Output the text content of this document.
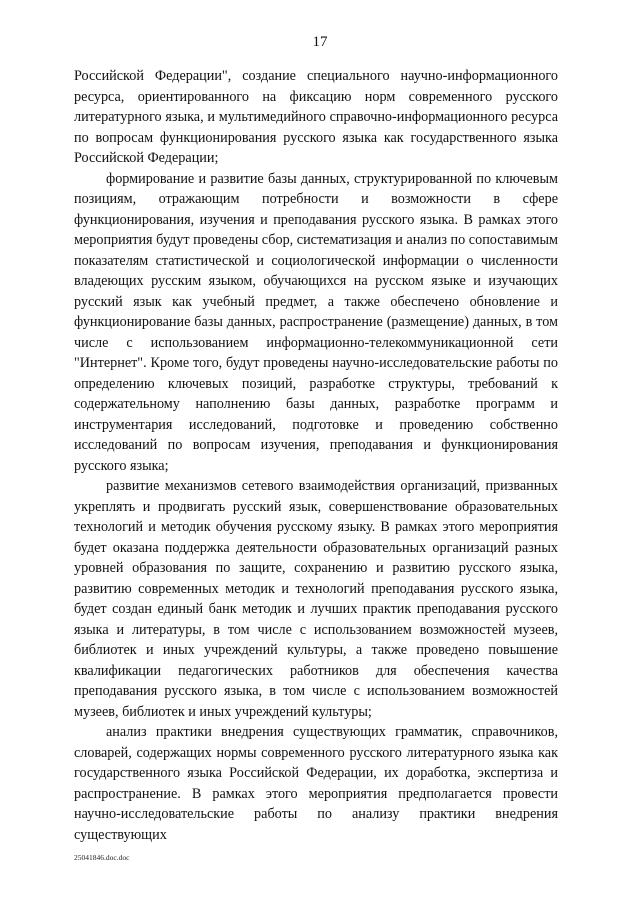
17

Российской Федерации", создание специального научно-информационного ресурса, ориентированного на фиксацию норм современного русского литературного языка, и мультимедийного справочно-информационного ресурса по вопросам функционирования русского языка как государственного языка Российской Федерации;

формирование и развитие базы данных, структурированной по ключевым позициям, отражающим потребности и возможности в сфере функционирования, изучения и преподавания русского языка. В рамках этого мероприятия будут проведены сбор, систематизация и анализ по сопоставимым показателям статистической и социологической информации о численности владеющих русским языком, обучающихся на русском языке и изучающих русский язык как учебный предмет, а также обеспечено обновление и функционирование базы данных, распространение (размещение) данных, в том числе с использованием информационно-телекоммуникационной сети "Интернет". Кроме того, будут проведены научно-исследовательские работы по определению ключевых позиций, разработке структуры, требований к содержательному наполнению базы данных, разработке программ и инструментария исследований, подготовке и проведению собственно исследований по вопросам изучения, преподавания и функционирования русского языка;

развитие механизмов сетевого взаимодействия организаций, призванных укреплять и продвигать русский язык, совершенствование образовательных технологий и методик обучения русскому языку. В рамках этого мероприятия будет оказана поддержка деятельности образовательных организаций разных уровней образования по защите, сохранению и развитию русского языка, развитию современных методик и технологий преподавания русского языка, будет создан единый банк методик и лучших практик преподавания русского языка и литературы, в том числе с использованием возможностей музеев, библиотек и иных учреждений культуры, а также проведено повышение квалификации педагогических работников для обеспечения качества преподавания русского языка, в том числе с использованием возможностей музеев, библиотек и иных учреждений культуры;

анализ практики внедрения существующих грамматик, справочников, словарей, содержащих нормы современного русского литературного языка как государственного языка Российской Федерации, их доработка, экспертиза и распространение. В рамках этого мероприятия предполагается провести научно-исследовательские работы по анализу практики внедрения существующих

25041846.doc.doc
